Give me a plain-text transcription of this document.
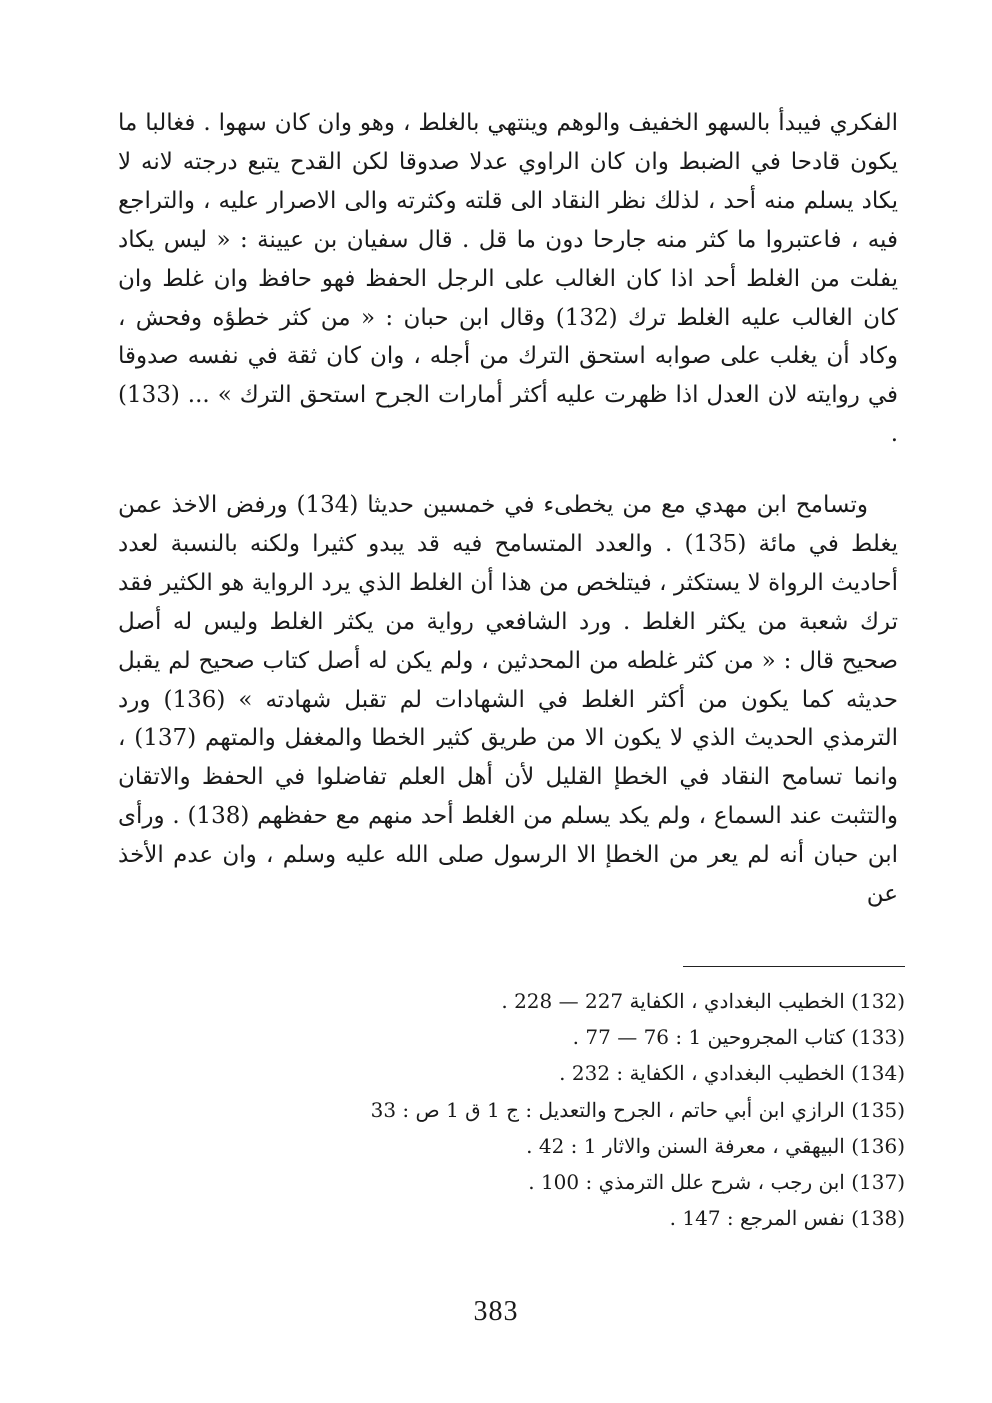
الفكري فيبدأ بالسهو الخفيف والوهم وينتهي بالغلط ، وهو وان كان سهوا . فغالبا ما يكون قادحا في الضبط وان كان الراوي عدلا صدوقا لكن القدح يتبع درجته لانه لا يكاد يسلم منه أحد ، لذلك نظر النقاد الى قلته وكثرته والى الاصرار عليه ، والتراجع فيه ، فاعتبروا ما كثر منه جارحا دون ما قل . قال سفيان بن عيينة : « ليس يكاد يفلت من الغلط أحد اذا كان الغالب على الرجل الحفظ فهو حافظ وان غلط وان كان الغالب عليه الغلط ترك (132) وقال ابن حبان : « من كثر خطؤه وفحش ، وكاد أن يغلب على صوابه استحق الترك من أجله ، وان كان ثقة في نفسه صدوقا في روايته لان العدل اذا ظهرت عليه أكثر أمارات الجرح استحق الترك » ... (133) .

وتسامح ابن مهدي مع من يخطىء في خمسين حديثا (134) ورفض الاخذ عمن يغلط في مائة (135) . والعدد المتسامح فيه قد يبدو كثيرا ولكنه بالنسبة لعدد أحاديث الرواة لا يستكثر ، فيتلخص من هذا أن الغلط الذي يرد الرواية هو الكثير فقد ترك شعبة من يكثر الغلط . ورد الشافعي رواية من يكثر الغلط وليس له أصل صحيح قال : « من كثر غلطه من المحدثين ، ولم يكن له أصل كتاب صحيح لم يقبل حديثه كما يكون من أكثر الغلط في الشهادات لم تقبل شهادته » (136) ورد الترمذي الحديث الذي لا يكون الا من طريق كثير الخطا والمغفل والمتهم (137) ، وانما تسامح النقاد في الخطإ القليل لأن أهل العلم تفاضلوا في الحفظ والاتقان والتثبت عند السماع ، ولم يكد يسلم من الغلط أحد منهم مع حفظهم (138) . ورأى ابن حبان أنه لم يعر من الخطإ الا الرسول صلى الله عليه وسلم ، وان عدم الأخذ عن

(132) الخطيب البغدادي ، الكفاية 227 — 228 .
(133) كتاب المجروحين 1 : 76 — 77 .
(134) الخطيب البغدادي ، الكفاية : 232 .
(135) الرازي ابن أبي حاتم ، الجرح والتعديل : ج 1 ق 1 ص : 33
(136) البيهقي ، معرفة السنن والاثار 1 : 42 .
(137) ابن رجب ، شرح علل الترمذي : 100 .
(138) نفس المرجع : 147 .
383
